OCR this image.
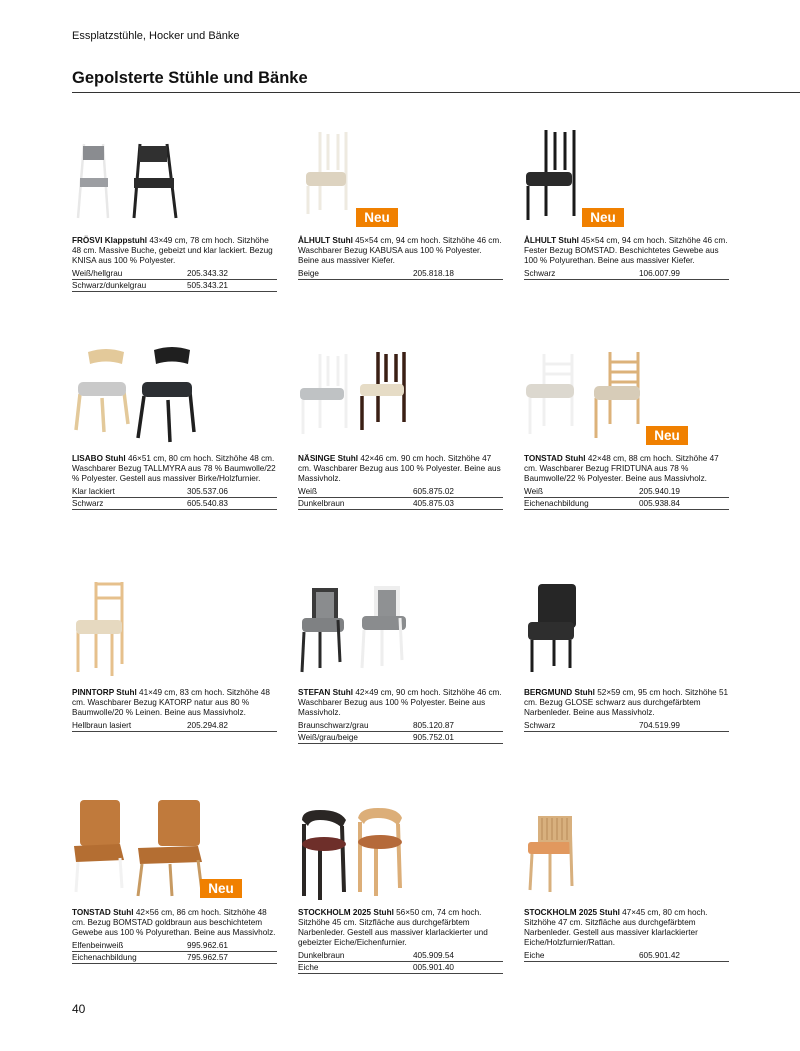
Essplatzstühle, Hocker und Bänke
Gepolsterte Stühle und Bänke
FRÖSVI Klappstuhl 43×49 cm, 78 cm hoch. Sitzhöhe 48 cm. Massive Buche, gebeizt und klar lackiert. Bezug KNISA aus 100 % Polyester.
Weiß/hellgrau	205.343.32
Schwarz/dunkelgrau	505.343.21
Neu
ÅLHULT Stuhl 45×54 cm, 94 cm hoch. Sitzhöhe 46 cm. Waschbarer Bezug KABUSA aus 100 % Polyester. Beine aus massiver Kiefer.
Beige	205.818.18
Neu
ÅLHULT Stuhl 45×54 cm, 94 cm hoch. Sitzhöhe 46 cm. Fester Bezug BOMSTAD. Beschichtetes Gewebe aus 100 % Polyurethan. Beine aus massiver Kiefer.
Schwarz	106.007.99
LISABO Stuhl 46×51 cm, 80 cm hoch. Sitzhöhe 48 cm. Waschbarer Bezug TALLMYRA aus 78 % Baumwolle/22 % Polyester. Gestell aus massiver Birke/Holzfurnier.
Klar lackiert	305.537.06
Schwarz	605.540.83
NÄSINGE Stuhl 42×46 cm. 90 cm hoch. Sitzhöhe 47 cm. Waschbarer Bezug aus 100 % Polyester. Beine aus Massivholz.
Weiß	605.875.02
Dunkelbraun	405.875.03
Neu
TONSTAD Stuhl 42×48 cm, 88 cm hoch. Sitzhöhe 47 cm. Waschbarer Bezug FRIDTUNA aus 78 % Baumwolle/22 % Polyester. Beine aus Massivholz.
Weiß	205.940.19
Eichenachbildung	005.938.84
PINNTORP Stuhl 41×49 cm, 83 cm hoch. Sitzhöhe 48 cm. Waschbarer Bezug KATORP natur aus 80 % Baumwolle/20 % Leinen. Beine aus Massivholz.
Hellbraun lasiert	205.294.82
STEFAN Stuhl 42×49 cm, 90 cm hoch. Sitzhöhe 46 cm. Waschbarer Bezug aus 100 % Polyester. Beine aus Massivholz.
Braunschwarz/grau	805.120.87
Weiß/grau/beige	905.752.01
BERGMUND Stuhl 52×59 cm, 95 cm hoch. Sitzhöhe 51 cm. Bezug GLOSE schwarz aus durchgefärbtem Narbenleder. Beine aus Massivholz.
Schwarz	704.519.99
Neu
TONSTAD Stuhl 42×56 cm, 86 cm hoch. Sitzhöhe 48 cm. Bezug BOMSTAD goldbraun aus beschichtetem Gewebe aus 100 % Polyurethan. Beine aus Massivholz.
Elfenbeinweiß	995.962.61
Eichenachbildung	795.962.57
STOCKHOLM 2025 Stuhl 56×50 cm, 74 cm hoch. Sitzhöhe 45 cm. Sitzfläche aus durchgefärbtem Narbenleder. Gestell aus massiver klarlackierter und gebeizter Eiche/Eichenfurnier.
Dunkelbraun	405.909.54
Eiche	005.901.40
STOCKHOLM 2025 Stuhl 47×45 cm, 80 cm hoch. Sitzhöhe 47 cm. Sitzfläche aus durchgefärbtem Narbenleder. Gestell aus massiver klarlackierter Eiche/Holzfurnier/Rattan.
Eiche	605.901.42
40
